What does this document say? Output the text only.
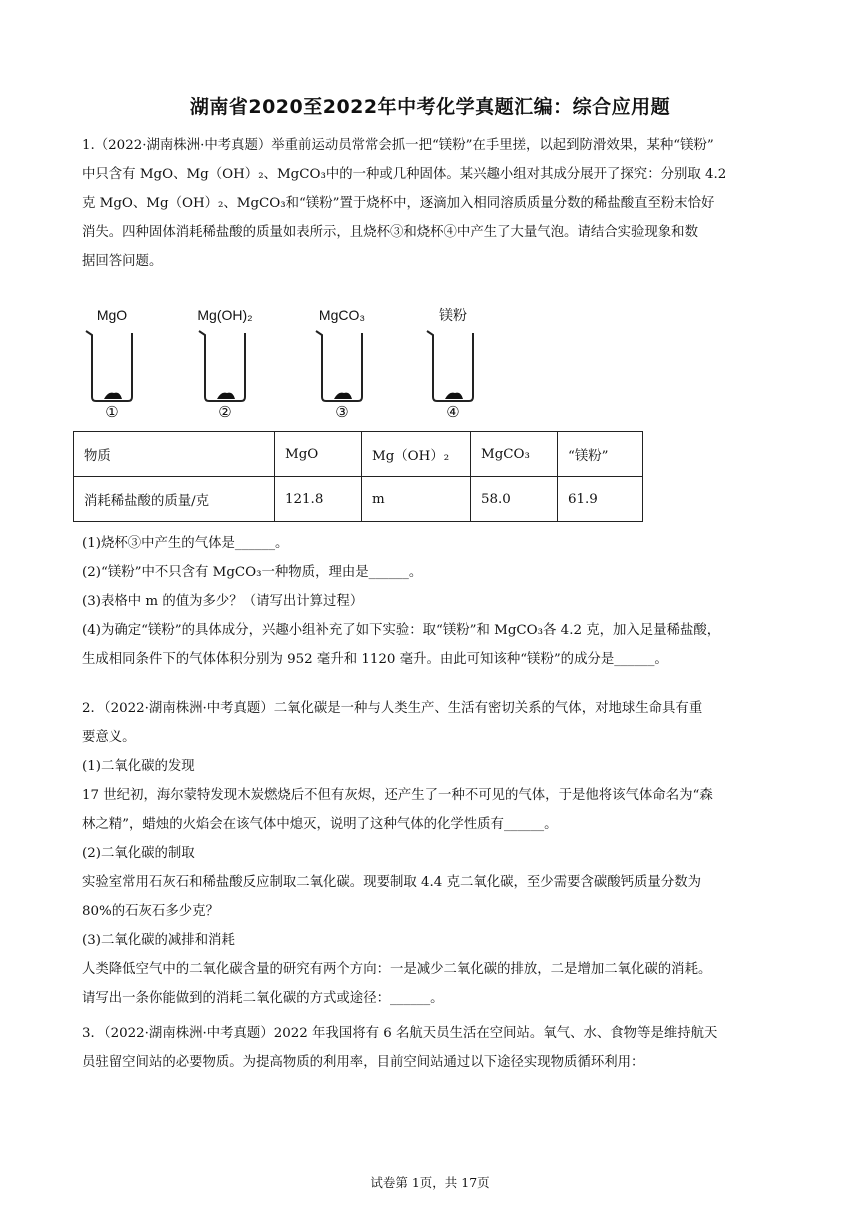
湖南省2020至2022年中考化学真题汇编：综合应用题

1.（2022·湖南株洲·中考真题）举重前运动员常常会抓一把“镁粉”在手里搓，以起到防滑效果，某种“镁粉”

中只含有 MgO、Mg（OH）₂、MgCO₃中的一种或几种固体。某兴趣小组对其成分展开了探究：分别取 4.2

克 MgO、Mg（OH）₂、MgCO₃和“镁粉”置于烧杯中，逐滴加入相同溶质质量分数的稀盐酸直至粉末恰好

消失。四种固体消耗稀盐酸的质量如表所示，且烧杯③和烧杯④中产生了大量气泡。请结合实验现象和数

据回答问题。

MgO
①
Mg(OH)₂
②
MgCO₃
③
镁粉
④
物质	MgO	Mg（OH）₂	MgCO₃	“镁粉”
消耗稀盐酸的质量/克	121.8	m	58.0	61.9

(1)烧杯③中产生的气体是______。

(2)“镁粉”中不只含有 MgCO₃一种物质，理由是______。

(3)表格中 m 的值为多少？（请写出计算过程）

(4)为确定“镁粉”的具体成分，兴趣小组补充了如下实验：取“镁粉”和 MgCO₃各 4.2 克，加入足量稀盐酸，

生成相同条件下的气体体积分别为 952 毫升和 1120 毫升。由此可知该种“镁粉”的成分是______。

2．（2022·湖南株洲·中考真题）二氧化碳是一种与人类生产、生活有密切关系的气体，对地球生命具有重

要意义。

(1)二氧化碳的发现

17 世纪初，海尔蒙特发现木炭燃烧后不但有灰烬，还产生了一种不可见的气体，于是他将该气体命名为“森

林之精”，蜡烛的火焰会在该气体中熄灭，说明了这种气体的化学性质有______。

(2)二氧化碳的制取

实验室常用石灰石和稀盐酸反应制取二氧化碳。现要制取 4.4 克二氧化碳，至少需要含碳酸钙质量分数为

80%的石灰石多少克？

(3)二氧化碳的减排和消耗

人类降低空气中的二氧化碳含量的研究有两个方向：一是减少二氧化碳的排放，二是增加二氧化碳的消耗。

请写出一条你能做到的消耗二氧化碳的方式或途径：______。

3．（2022·湖南株洲·中考真题）2022 年我国将有 6 名航天员生活在空间站。氧气、水、食物等是维持航天

员驻留空间站的必要物质。为提高物质的利用率，目前空间站通过以下途径实现物质循环利用：

试卷第 1页，共 17页
